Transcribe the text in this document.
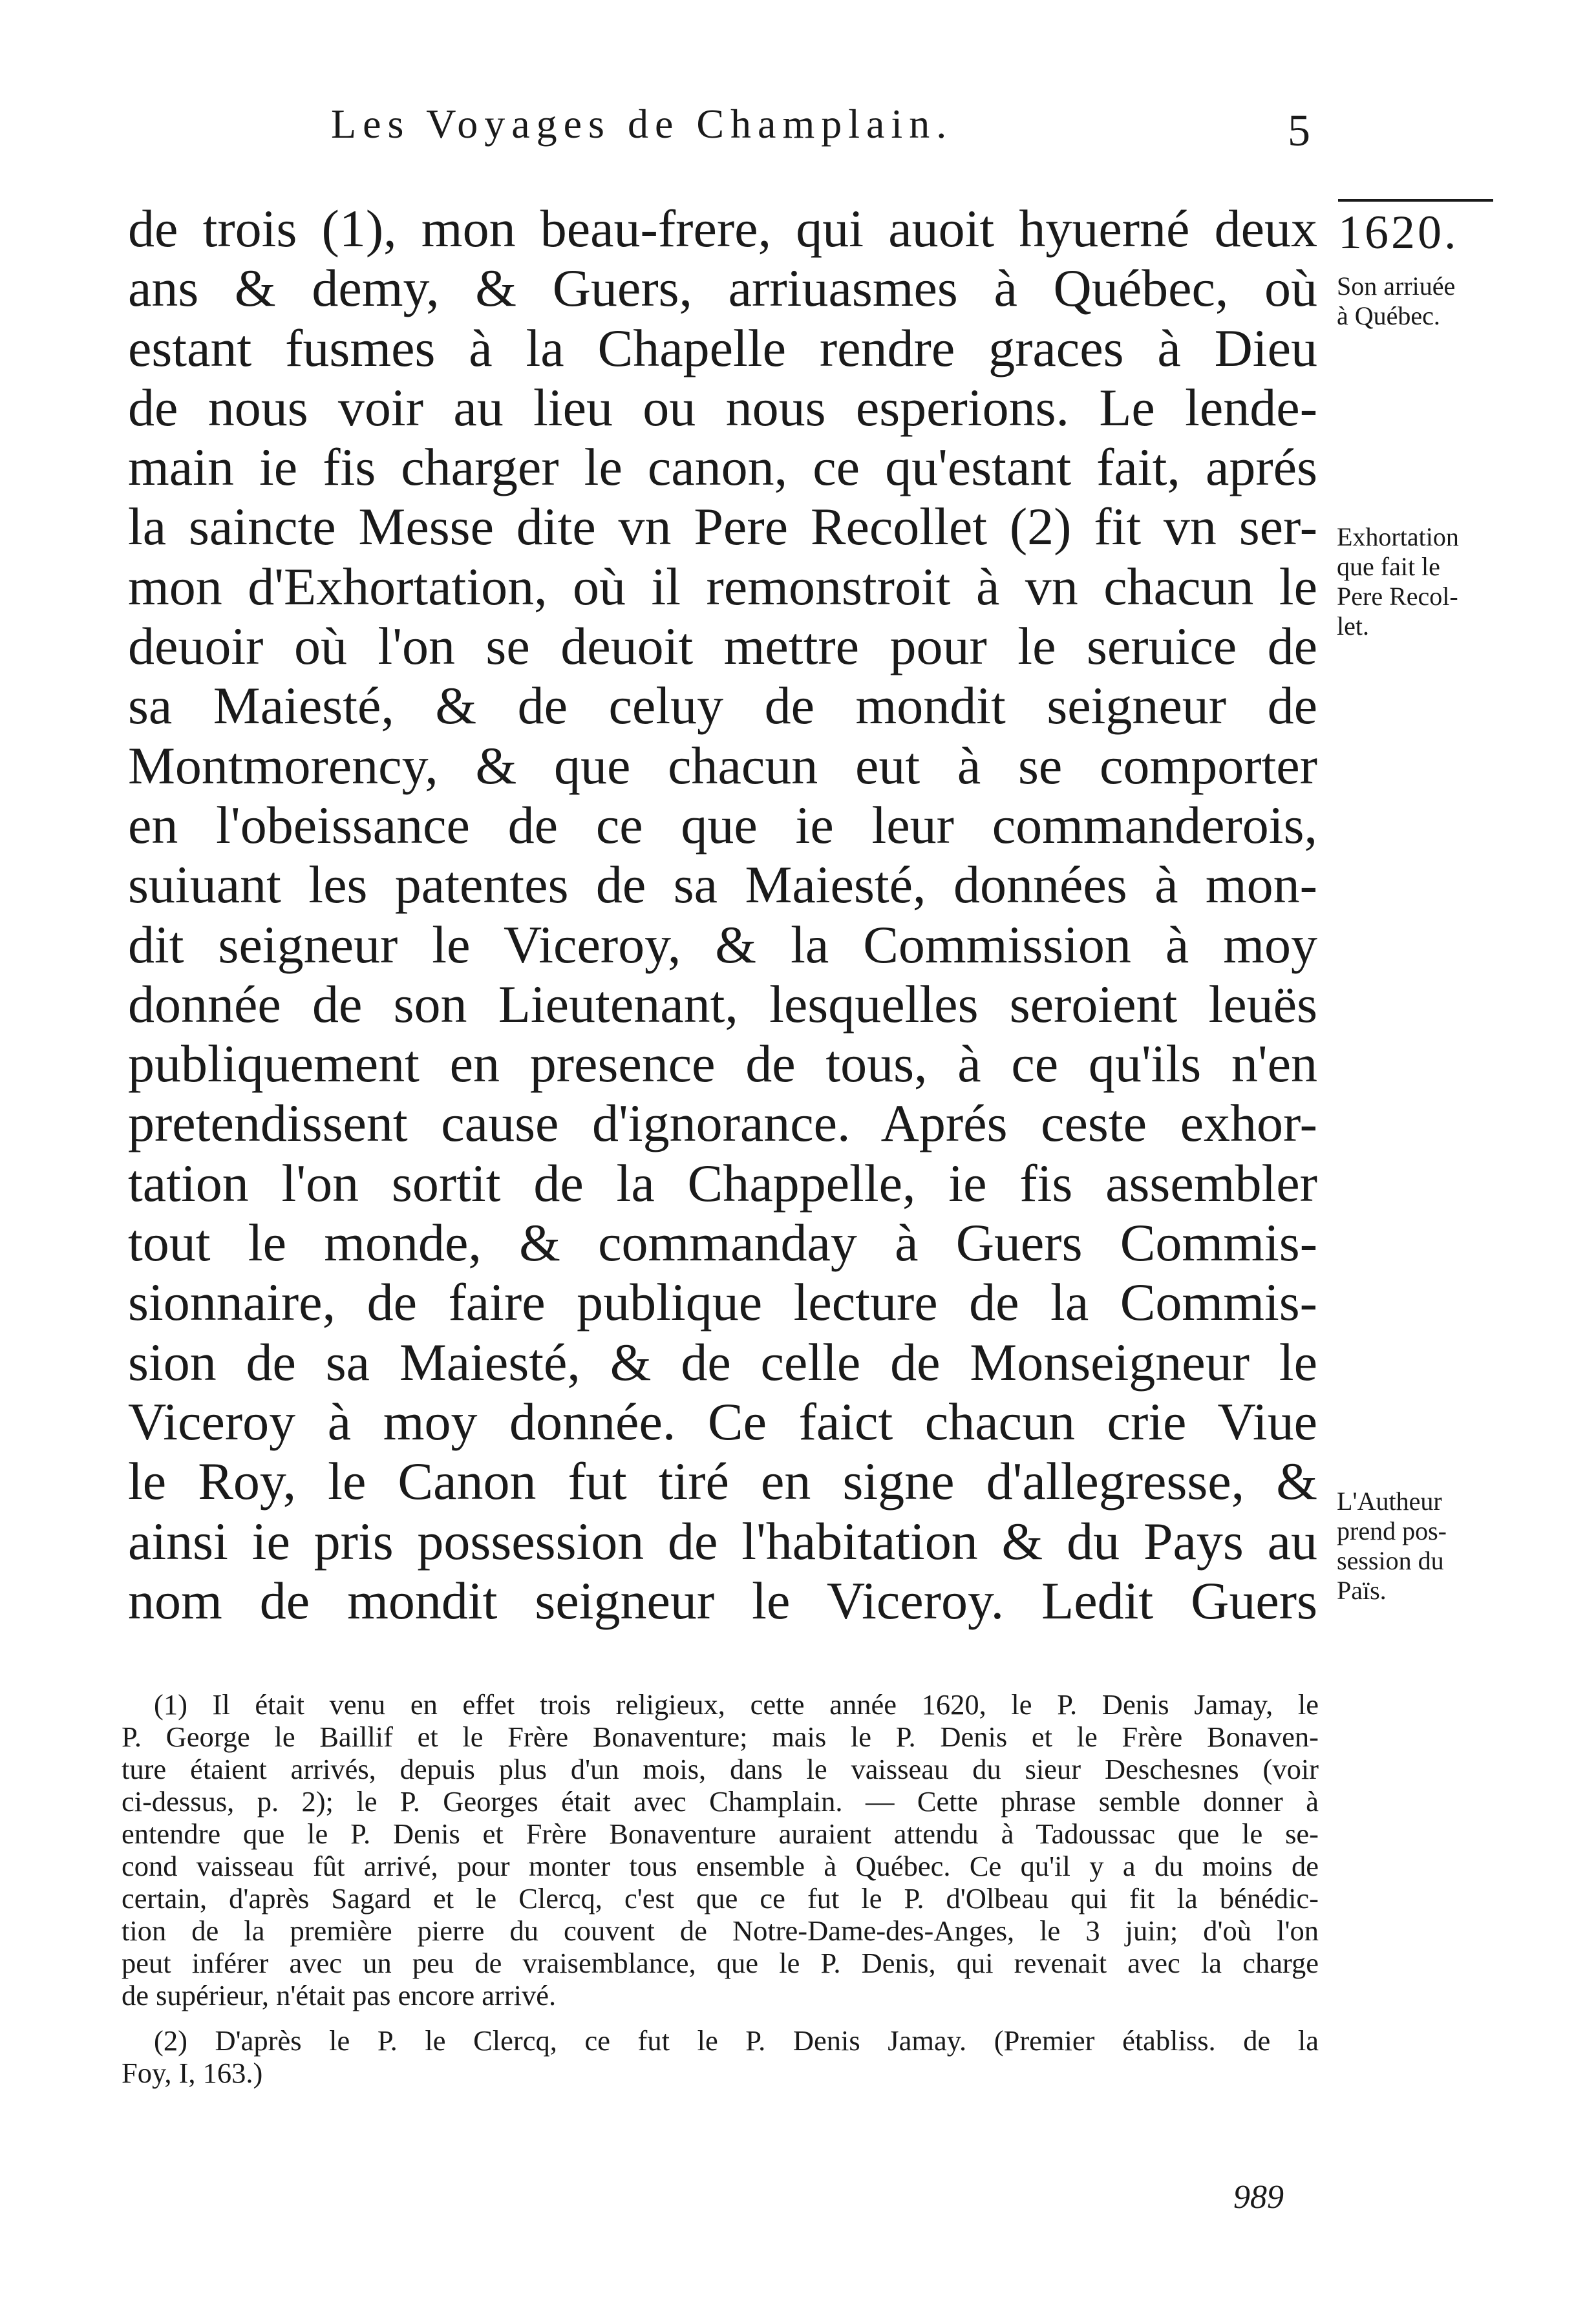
Les Voyages de Champlain.	5
1620.
Son arriuée
à Québec.
Exhortation
que fait le
Pere Recol-
let.
L'Autheur
prend pos-
session du
Païs.
de trois (1), mon beau-frere, qui auoit hyuerné deux
ans & demy, & Guers, arriuasmes à Québec, où
estant fusmes à la Chapelle rendre graces à Dieu
de nous voir au lieu ou nous esperions. Le lende-
main ie fis charger le canon, ce qu'estant fait, aprés
la saincte Messe dite vn Pere Recollet (2) fit vn ser-
mon d'Exhortation, où il remonstroit à vn chacun le
deuoir où l'on se deuoit mettre pour le seruice de
sa Maiesté, & de celuy de mondit seigneur de
Montmorency, & que chacun eut à se comporter
en l'obeissance de ce que ie leur commanderois,
suiuant les patentes de sa Maiesté, données à mon-
dit seigneur le Viceroy, & la Commission à moy
donnée de son Lieutenant, lesquelles seroient leuës
publiquement en presence de tous, à ce qu'ils n'en
pretendissent cause d'ignorance. Aprés ceste exhor-
tation l'on sortit de la Chappelle, ie fis assembler
tout le monde, & commanday à Guers Commis-
sionnaire, de faire publique lecture de la Commis-
sion de sa Maiesté, & de celle de Monseigneur le
Viceroy à moy donnée. Ce faict chacun crie Viue
le Roy, le Canon fut tiré en signe d'allegresse, &
ainsi ie pris possession de l'habitation & du Pays au
nom de mondit seigneur le Viceroy. Ledit Guers
(1) Il était venu en effet trois religieux, cette année 1620, le P. Denis Jamay, le
P. George le Baillif et le Frère Bonaventure; mais le P. Denis et le Frère Bonaven-
ture étaient arrivés, depuis plus d'un mois, dans le vaisseau du sieur Deschesnes (voir
ci-dessus, p. 2); le P. Georges était avec Champlain. — Cette phrase semble donner à
entendre que le P. Denis et Frère Bonaventure auraient attendu à Tadoussac que le se-
cond vaisseau fût arrivé, pour monter tous ensemble à Québec. Ce qu'il y a du moins de
certain, d'après Sagard et le Clercq, c'est que ce fut le P. d'Olbeau qui fit la bénédic-
tion de la première pierre du couvent de Notre-Dame-des-Anges, le 3 juin; d'où l'on
peut inférer avec un peu de vraisemblance, que le P. Denis, qui revenait avec la charge
de supérieur, n'était pas encore arrivé.
(2) D'après le P. le Clercq, ce fut le P. Denis Jamay. (Premier établiss. de la
Foy, I, 163.)
989
